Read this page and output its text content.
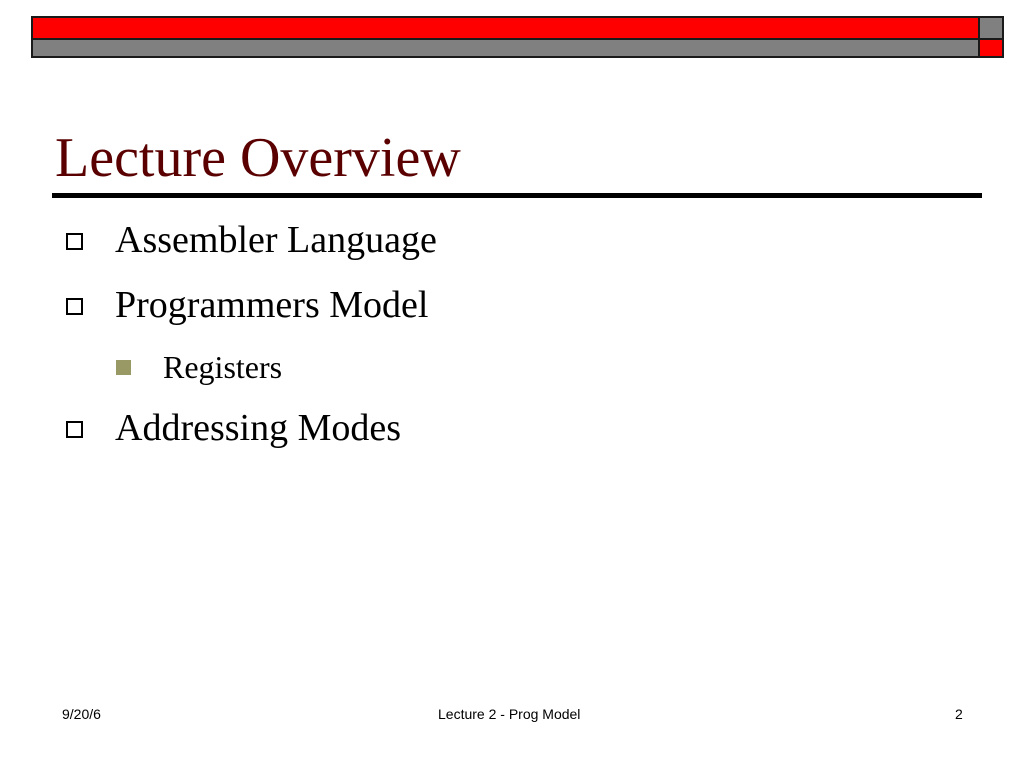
Lecture Overview
Assembler Language
Programmers Model
Registers
Addressing Modes
9/20/6	Lecture 2 - Prog Model	2
